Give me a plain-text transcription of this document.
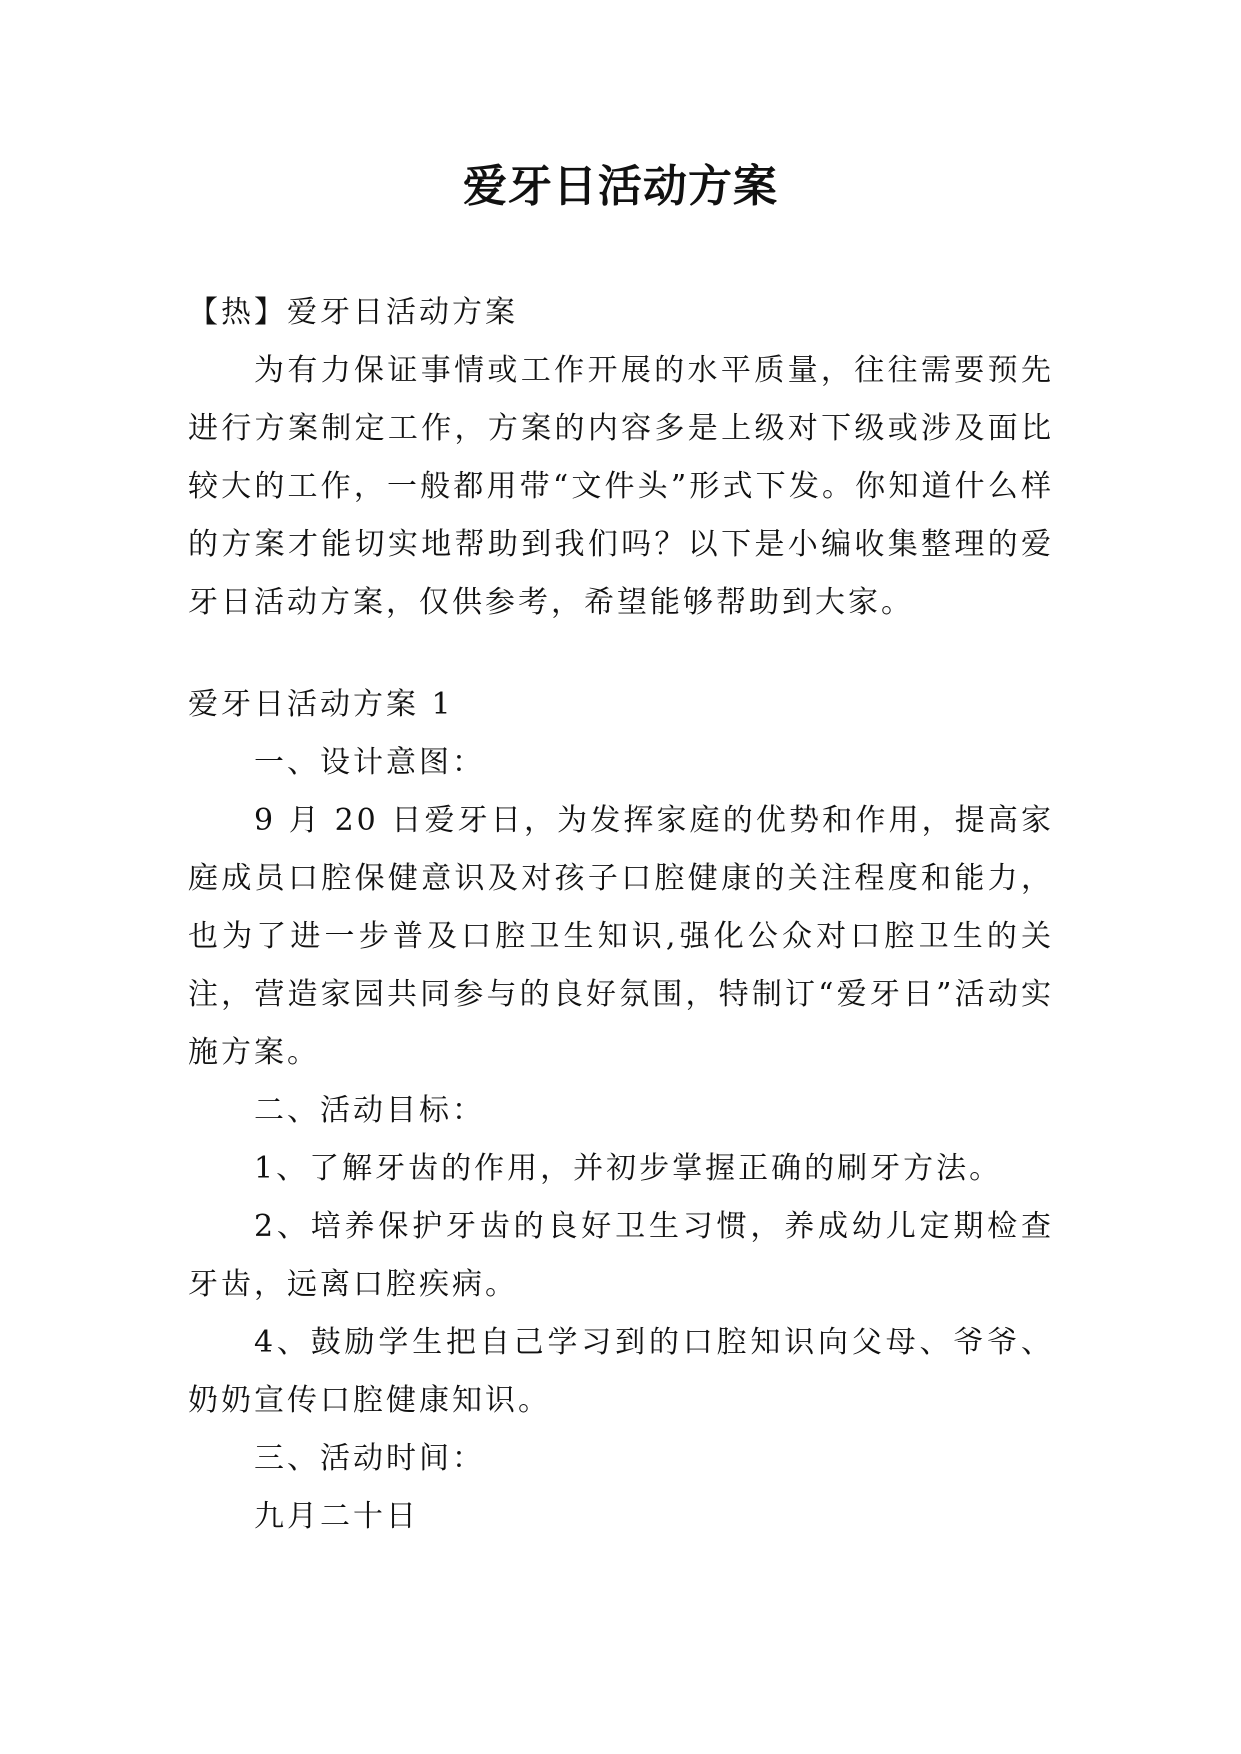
爱牙日活动方案

【热】爱牙日活动方案

为有力保证事情或工作开展的水平质量，往往需要预先进行方案制定工作，方案的内容多是上级对下级或涉及面比较大的工作，一般都用带“文件头”形式下发。你知道什么样的方案才能切实地帮助到我们吗？以下是小编收集整理的爱牙日活动方案，仅供参考，希望能够帮助到大家。

爱牙日活动方案 1

一、设计意图：

9 月 20 日爱牙日，为发挥家庭的优势和作用，提高家庭成员口腔保健意识及对孩子口腔健康的关注程度和能力，也为了进一步普及口腔卫生知识,强化公众对口腔卫生的关注，营造家园共同参与的良好氛围，特制订“爱牙日”活动实施方案。

二、活动目标：

1、了解牙齿的作用，并初步掌握正确的刷牙方法。

2、培养保护牙齿的良好卫生习惯，养成幼儿定期检查牙齿，远离口腔疾病。

4、鼓励学生把自己学习到的口腔知识向父母、爷爷、奶奶宣传口腔健康知识。

三、活动时间：

九月二十日
